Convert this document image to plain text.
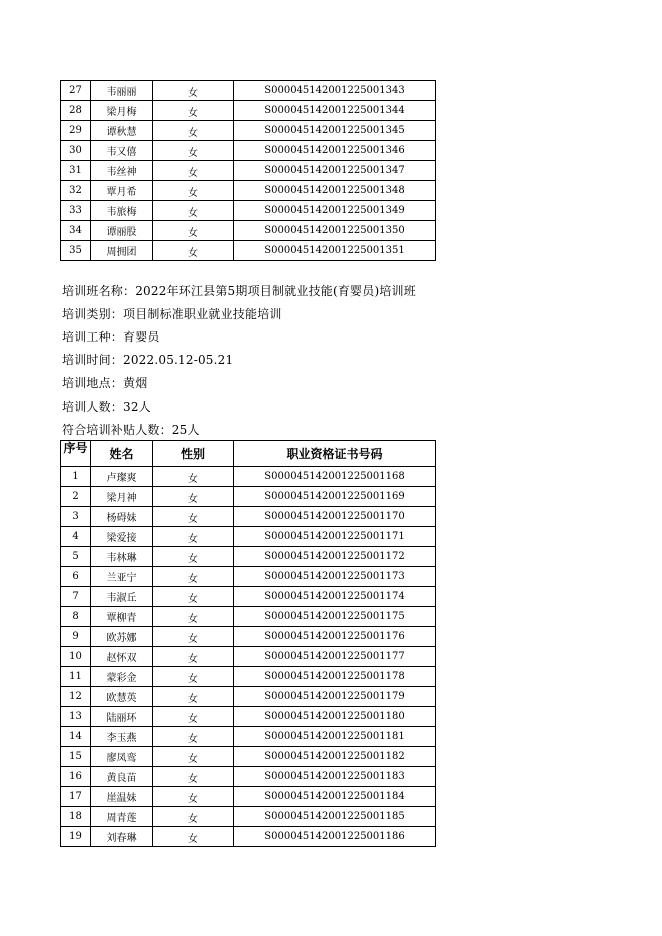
27	韦丽丽	女	S000045142001225001343
28	梁月梅	女	S000045142001225001344
29	谭秋慧	女	S000045142001225001345
30	韦又僖	女	S000045142001225001346
31	韦丝神	女	S000045142001225001347
32	覃月希	女	S000045142001225001348
33	韦旅梅	女	S000045142001225001349
34	谭丽股	女	S000045142001225001350
35	周拥团	女	S000045142001225001351
培训班名称：2022年环江县第5期项目制就业技能(育婴员)培训班
培训类别：项目制标准职业就业技能培训
培训工种：育婴员
培训时间：2022.05.12-05.21
培训地点：黄烟
培训人数：32人
符合培训补贴人数：25人
序号	姓名	性别	职业资格证书号码
1	卢璨爽	女	S000045142001225001168
2	梁月神	女	S000045142001225001169
3	杨碍妹	女	S000045142001225001170
4	梁爱接	女	S000045142001225001171
5	韦林琳	女	S000045142001225001172
6	兰亚宁	女	S000045142001225001173
7	韦淑丘	女	S000045142001225001174
8	覃柳青	女	S000045142001225001175
9	欧苏娜	女	S000045142001225001176
10	赵怀双	女	S000045142001225001177
11	蒙彩金	女	S000045142001225001178
12	欧慧英	女	S000045142001225001179
13	陆丽环	女	S000045142001225001180
14	李玉燕	女	S000045142001225001181
15	廖凤鸾	女	S000045142001225001182
16	黄良苗	女	S000045142001225001183
17	崖温妹	女	S000045142001225001184
18	周青莲	女	S000045142001225001185
19	刘春琳	女	S000045142001225001186
